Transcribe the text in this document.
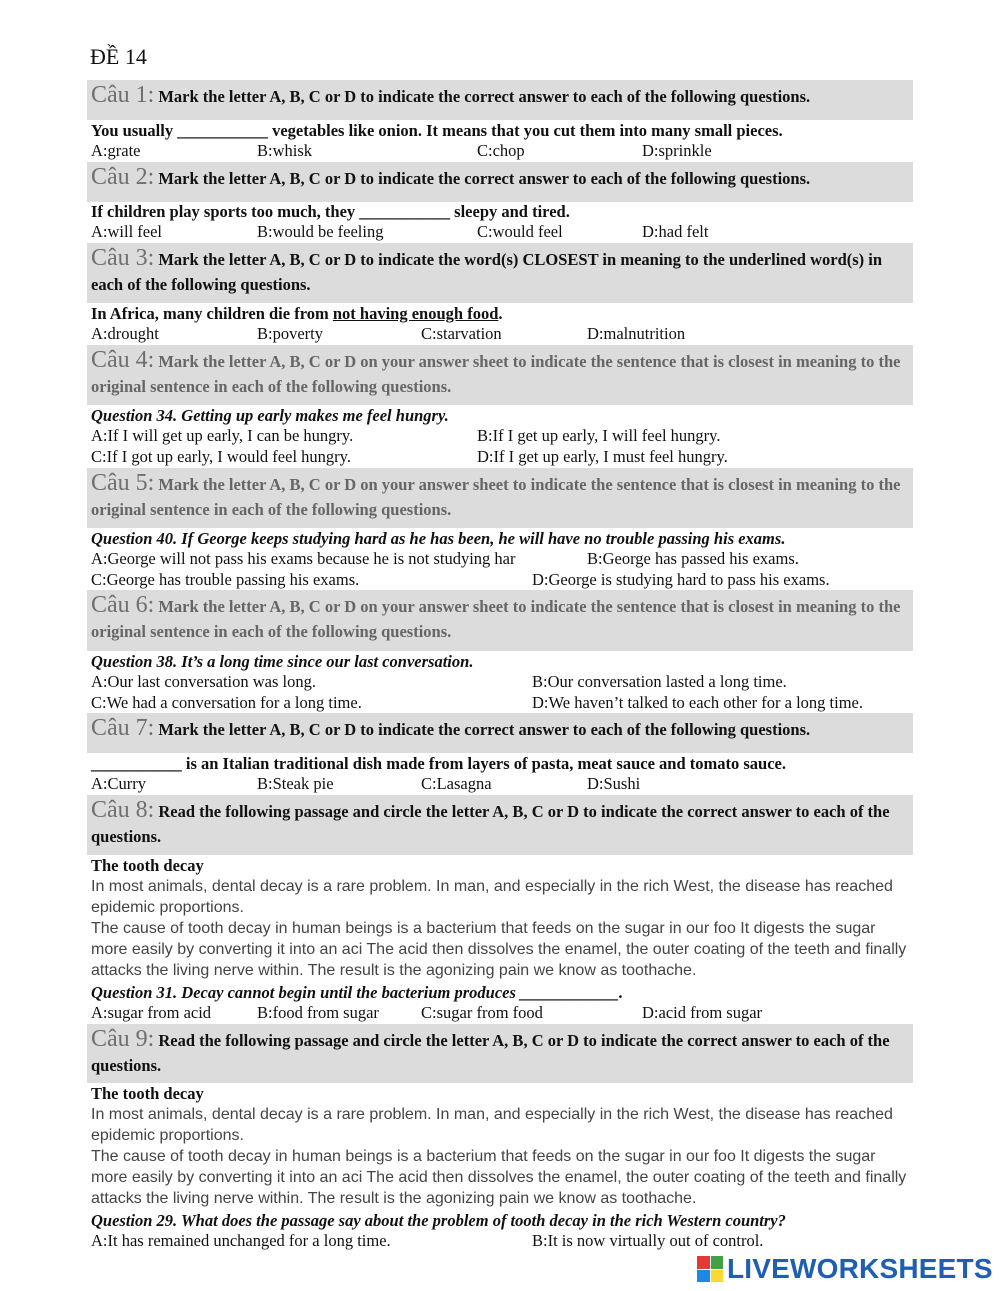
ĐỀ 14
Câu 1: Mark the letter A, B, C or D to indicate the correct answer to each of the following questions.
You usually ___________ vegetables like onion. It means that you cut them into many small pieces.
A:grate	B:whisk	C:chop	D:sprinkle
Câu 2: Mark the letter A, B, C or D to indicate the correct answer to each of the following questions.
If children play sports too much, they ___________ sleepy and tired.
A:will feel	B:would be feeling	C:would feel	D:had felt
Câu 3: Mark the letter A, B, C or D to indicate the word(s) CLOSEST in meaning to the underlined word(s) in each of the following questions.
In Africa, many children die from not having enough food.
A:drought	B:poverty	C:starvation	D:malnutrition
Câu 4: Mark the letter A, B, C or D on your answer sheet to indicate the sentence that is closest in meaning to the original sentence in each of the following questions.
Question 34. Getting up early makes me feel hungry.
A:If I will get up early, I can be hungry.	B:If I get up early, I will feel hungry.
C:If I got up early, I would feel hungry.	D:If I get up early, I must feel hungry.
Câu 5: Mark the letter A, B, C or D on your answer sheet to indicate the sentence that is closest in meaning to the original sentence in each of the following questions.
Question 40. If George keeps studying hard as he has been, he will have no trouble passing his exams.
A:George will not pass his exams because he is not studying har	B:George has passed his exams.
C:George has trouble passing his exams.	D:George is studying hard to pass his exams.
Câu 6: Mark the letter A, B, C or D on your answer sheet to indicate the sentence that is closest in meaning to the original sentence in each of the following questions.
Question 38. It’s a long time since our last conversation.
A:Our last conversation was long.	B:Our conversation lasted a long time.
C:We had a conversation for a long time.	D:We haven’t talked to each other for a long time.
Câu 7: Mark the letter A, B, C or D to indicate the correct answer to each of the following questions.
___________ is an Italian traditional dish made from layers of pasta, meat sauce and tomato sauce.
A:Curry	B:Steak pie	C:Lasagna	D:Sushi
Câu 8: Read the following passage and circle the letter A, B, C or D to indicate the correct answer to each of the questions.
The tooth decay
In most animals, dental decay is a rare problem. In man, and especially in the rich West, the disease has reached epidemic proportions.
The cause of tooth decay in human beings is a bacterium that feeds on the sugar in our foo It digests the sugar more easily by converting it into an aci The acid then dissolves the enamel, the outer coating of the teeth and finally attacks the living nerve within. The result is the agonizing pain we know as toothache.
Question 31. Decay cannot begin until the bacterium produces ____________.
A:sugar from acid	B:food from sugar	C:sugar from food	D:acid from sugar
Câu 9: Read the following passage and circle the letter A, B, C or D to indicate the correct answer to each of the questions.
The tooth decay
In most animals, dental decay is a rare problem. In man, and especially in the rich West, the disease has reached epidemic proportions.
The cause of tooth decay in human beings is a bacterium that feeds on the sugar in our foo It digests the sugar more easily by converting it into an aci The acid then dissolves the enamel, the outer coating of the teeth and finally attacks the living nerve within. The result is the agonizing pain we know as toothache.
Question 29. What does the passage say about the problem of tooth decay in the rich Western country?
A:It has remained unchanged for a long time.	B:It is now virtually out of control.
LIVEWORKSHEETS
